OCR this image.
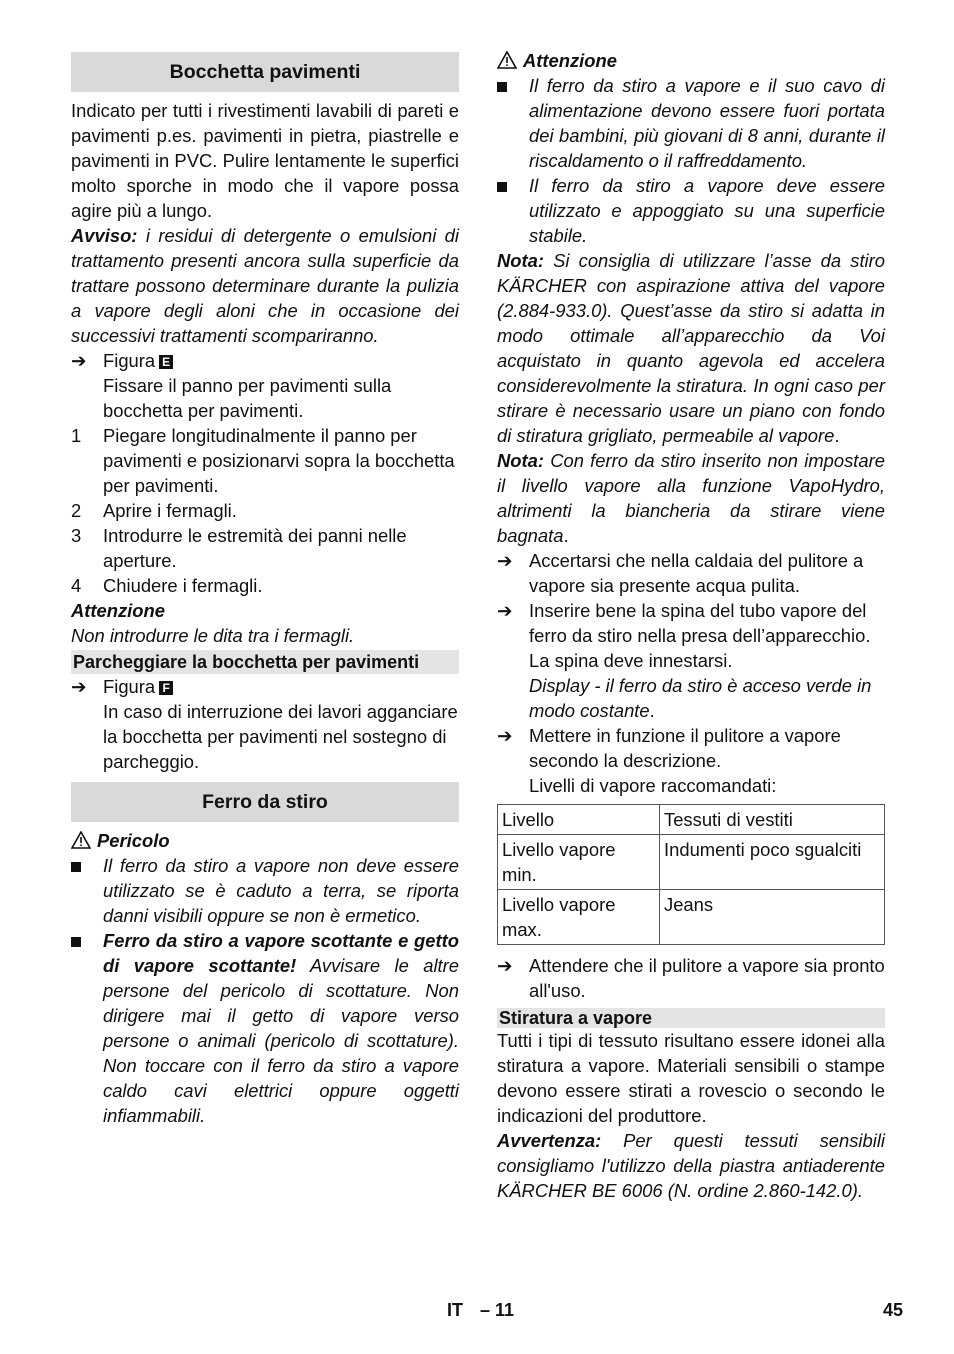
Bocchetta pavimenti

Indicato per tutti i rivestimenti lavabili di pareti e pavimenti p.es. pavimenti in pietra, piastrelle e pavimenti in PVC. Pulire lentamente le superfici molto sporche in modo che il vapore possa agire più a lungo.

Avviso: i residui di detergente o emulsioni di trattamento presenti ancora sulla superficie da trattare possono determinare durante la pulizia a vapore degli aloni che in occasione dei successivi trattamenti scompariranno.

➔ Figura E
Fissare il panno per pavimenti sulla bocchetta per pavimenti.
1	Piegare longitudinalmente il panno per pavimenti e posizionarvi sopra la bocchetta per pavimenti.
2	Aprire i fermagli.
3	Introdurre le estremità dei panni nelle aperture.
4	Chiudere i fermagli.

Attenzione

Non introdurre le dita tra i fermagli.

Parcheggiare la bocchetta per pavimenti
➔ Figura F
In caso di interruzione dei lavori agganciare la bocchetta per pavimenti nel sostegno di parcheggio.
Ferro da stiro

Pericolo

Il ferro da stiro a vapore non deve essere utilizzato se è caduto a terra, se riporta danni visibili oppure se non è ermetico.

Ferro da stiro a vapore scottante e getto di vapore scottante! Avvisare le altre persone del pericolo di scottature. Non dirigere mai il getto di vapore verso persone o animali (pericolo di scottature). Non toccare con il ferro da stiro a vapore caldo cavi elettrici oppure oggetti infiammabili.

Attenzione

Il ferro da stiro a vapore e il suo cavo di alimentazione devono essere fuori portata dei bambini, più giovani di 8 anni, durante il riscaldamento o il raffreddamento.

Il ferro da stiro a vapore deve essere utilizzato e appoggiato su una superficie stabile.

Nota: Si consiglia di utilizzare l’asse da stiro KÄRCHER con aspirazione attiva del vapore (2.884-933.0). Quest’asse da stiro si adatta in modo ottimale all’apparecchio da Voi acquistato in quanto agevola ed accelera considerevolmente la stiratura. In ogni caso per stirare è necessario usare un piano con fondo di stiratura grigliato, permeabile al vapore.

Nota: Con ferro da stiro inserito non impostare il livello vapore alla funzione VapoHydro, altrimenti la biancheria da stirare viene bagnata.

➔ Accertarsi che nella caldaia del pulitore a vapore sia presente acqua pulita.
➔ Inserire bene la spina del tubo vapore del ferro da stiro nella presa dell’apparecchio. La spina deve innestarsi.
Display - il ferro da stiro è acceso verde in modo costante.
➔ Mettere in funzione il pulitore a vapore secondo la descrizione.
Livelli di vapore raccomandati:
Livello	Tessuti di vestiti
Livello vapore min.	Indumenti poco sgualciti
Livello vapore max.	Jeans
➔ Attendere che il pulitore a vapore sia pronto all'uso.
Stiratura a vapore

Tutti i tipi di tessuto risultano essere idonei alla stiratura a vapore. Materiali sensibili o stampe devono essere stirati a rovescio o secondo le indicazioni del produttore.

Avvertenza: Per questi tessuti sensibili consigliamo l'utilizzo della piastra antiaderente KÄRCHER BE 6006 (N. ordine 2.860-142.0).

IT – 11	45
